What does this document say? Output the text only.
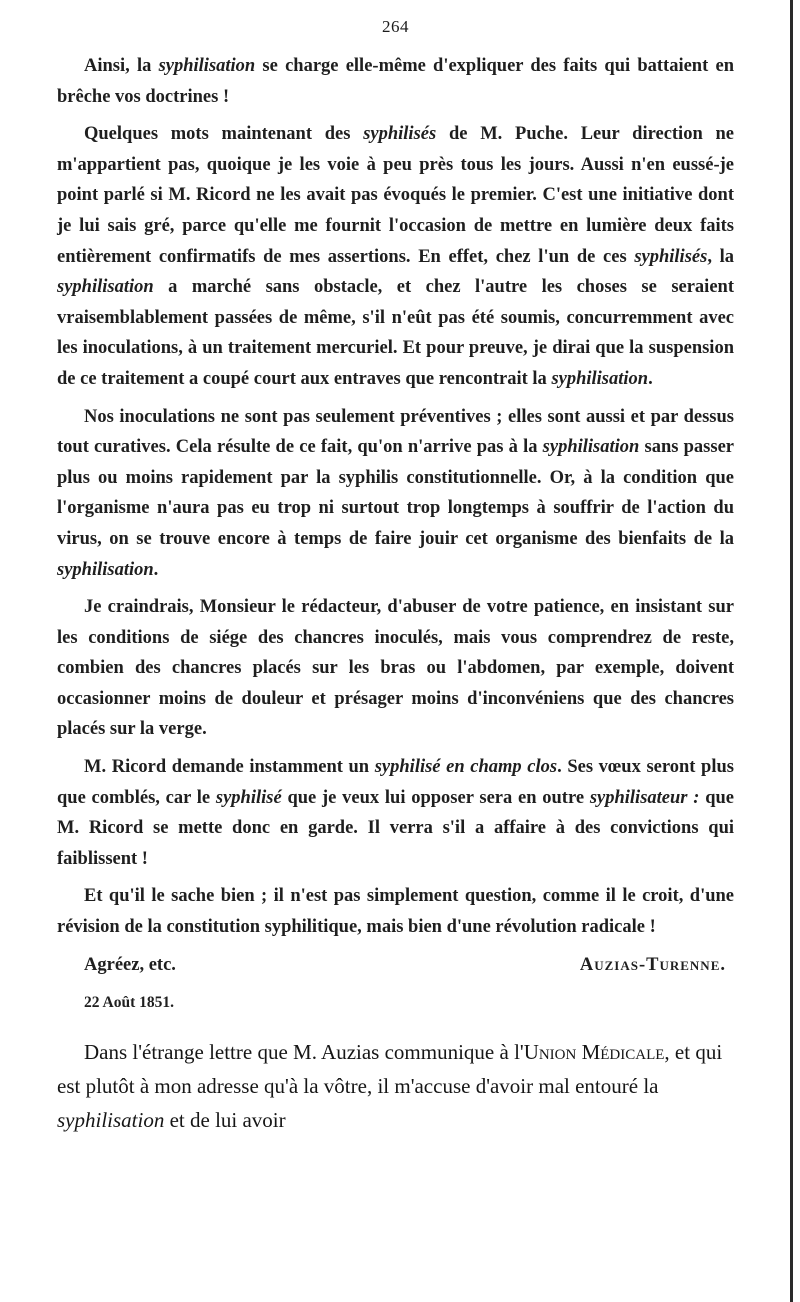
264

Ainsi, la syphilisation se charge elle-même d'expliquer des faits qui battaient en brêche vos doctrines !

Quelques mots maintenant des syphilisés de M. Puche. Leur direction ne m'appartient pas, quoique je les voie à peu près tous les jours. Aussi n'en eussé-je point parlé si M. Ricord ne les avait pas évoqués le premier. C'est une initiative dont je lui sais gré, parce qu'elle me fournit l'occasion de mettre en lumière deux faits entièrement confirmatifs de mes assertions. En effet, chez l'un de ces syphilisés, la syphilisation a marché sans obstacle, et chez l'autre les choses se seraient vraisemblablement passées de même, s'il n'eût pas été soumis, concurremment avec les inoculations, à un traitement mercuriel. Et pour preuve, je dirai que la suspension de ce traitement a coupé court aux entraves que rencontrait la syphilisation.

Nos inoculations ne sont pas seulement préventives ; elles sont aussi et par dessus tout curatives. Cela résulte de ce fait, qu'on n'arrive pas à la syphilisation sans passer plus ou moins rapidement par la syphilis constitutionnelle. Or, à la condition que l'organisme n'aura pas eu trop ni surtout trop longtemps à souffrir de l'action du virus, on se trouve encore à temps de faire jouir cet organisme des bienfaits de la syphilisation.

Je craindrais, Monsieur le rédacteur, d'abuser de votre patience, en insistant sur les conditions de siége des chancres inoculés, mais vous comprendrez de reste, combien des chancres placés sur les bras ou l'abdomen, par exemple, doivent occasionner moins de douleur et présager moins d'inconvéniens que des chancres placés sur la verge.

M. Ricord demande instamment un syphilisé en champ clos. Ses vœux seront plus que comblés, car le syphilisé que je veux lui opposer sera en outre syphilisateur : que M. Ricord se mette donc en garde. Il verra s'il a affaire à des convictions qui faiblissent !

Et qu'il le sache bien ; il n'est pas simplement question, comme il le croit, d'une révision de la constitution syphilitique, mais bien d'une révolution radicale !

Agréez, etc.	Auzias-Turenne.
22 Août 1851.

Dans l'étrange lettre que M. Auzias communique à l'Union Médicale, et qui est plutôt à mon adresse qu'à la vôtre, il m'accuse d'avoir mal entouré la syphilisation et de lui avoir
